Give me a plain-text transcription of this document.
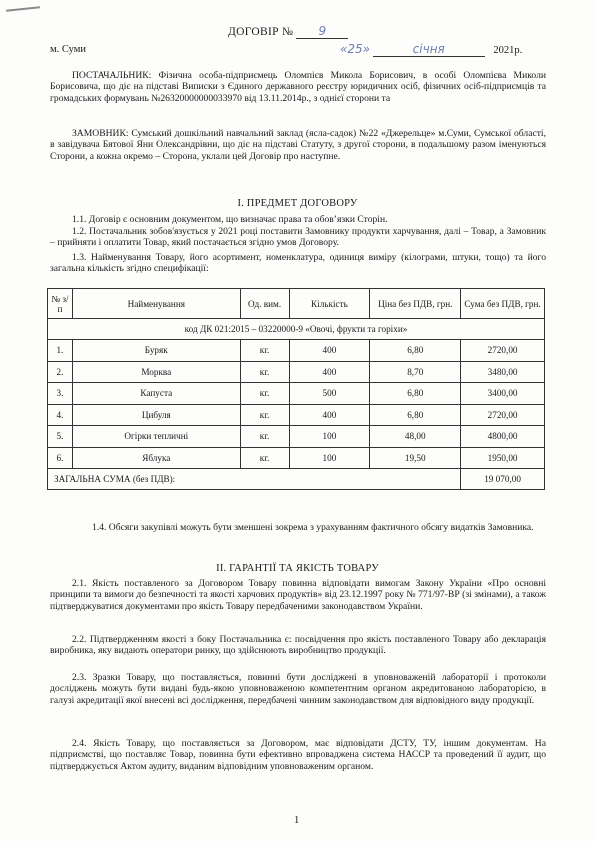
ДОГОВІР № 9
м. Суми	«25»	січня	2021р.
ПОСТАЧАЛЬНИК: Фізична особа-підприємець Оломпієв Микола Борисович, в особі Оломпієва Миколи Борисовича, що діє на підставі Виписки з Єдиного державного реєстру юридичних осіб, фізичних осіб-підприємців та громадських формувань №26320000000033970 від 13.11.2014р., з однієї сторони та
ЗАМОВНИК: Сумський дошкільний навчальний заклад (ясла-садок) №22 «Джерельце» м.Суми, Сумської області, в завідувача Бятової Яни Олександрівни, що діє на підставі Статуту, з другої сторони, в подальшому разом іменуються Сторони, а кожна окремо – Сторона, уклали цей Договір про наступне.
І. ПРЕДМЕТ ДОГОВОРУ
1.1. Договір є основним документом, що визначає права та обов’язки Сторін.
1.2. Постачальник зобов'язується у 2021 році поставити Замовнику продукти харчування, далі – Товар, а Замовник – прийняти і оплатити Товар, який постачається згідно умов Договору.
1.3. Найменування Товару, його асортимент, номенклатура, одиниця виміру (кілограми, штуки, тощо) та його загальна кількість згідно специфікації:
№ з/п	Найменування	Од. вим.	Кількість	Ціна без ПДВ, грн.	Сума без ПДВ, грн.
код ДК 021:2015 – 03220000-9 «Овочі, фрукти та горіхи»					
1.	Буряк	кг.	400	6,80	2720,00
2.	Морква	кг.	400	8,70	3480,00
3.	Капуста	кг.	500	6,80	3400,00
4.	Цибуля	кг.	400	6,80	2720,00
5.	Огірки тепличні	кг.	100	48,00	4800,00
6.	Яблука	кг.	100	19,50	1950,00
ЗАГАЛЬНА СУМА (без ПДВ):					19 070,00
1.4. Обсяги закупівлі можуть бути зменшені зокрема з урахуванням фактичного обсягу видатків Замовника.
ІІ. ГАРАНТІЇ ТА ЯКІСТЬ ТОВАРУ
2.1. Якість поставленого за Договором Товару повинна відповідати вимогам Закону України «Про основні принципи та вимоги до безпечності та якості харчових продуктів» від 23.12.1997 року № 771/97-ВР (зі змінами), а також підтверджуватися документами про якість Товару передбаченими законодавством України.
2.2. Підтвердженням якості з боку Постачальника є: посвідчення про якість поставленого Товару або декларація виробника, яку видають оператори ринку, що здійснюють виробництво продукції.
2.3. Зразки Товару, що поставляється, повинні бути досліджені в уповноваженій лабораторії і протоколи досліджень можуть бути видані будь-якою уповноваженою компетентним органом акредитованою лабораторією, в галузі акредитації якої внесені всі дослідження, передбачені чинним законодавством для відповідного виду продукції.
2.4. Якість Товару, що поставляється за Договором, має відповідати ДСТУ, ТУ, іншим документам. На підприємстві, що поставляє Товар, повинна бути ефективно впроваджена система НАССР та проведений її аудит, що підтверджується Актом аудиту, виданим відповідним уповноваженим органом.
1
